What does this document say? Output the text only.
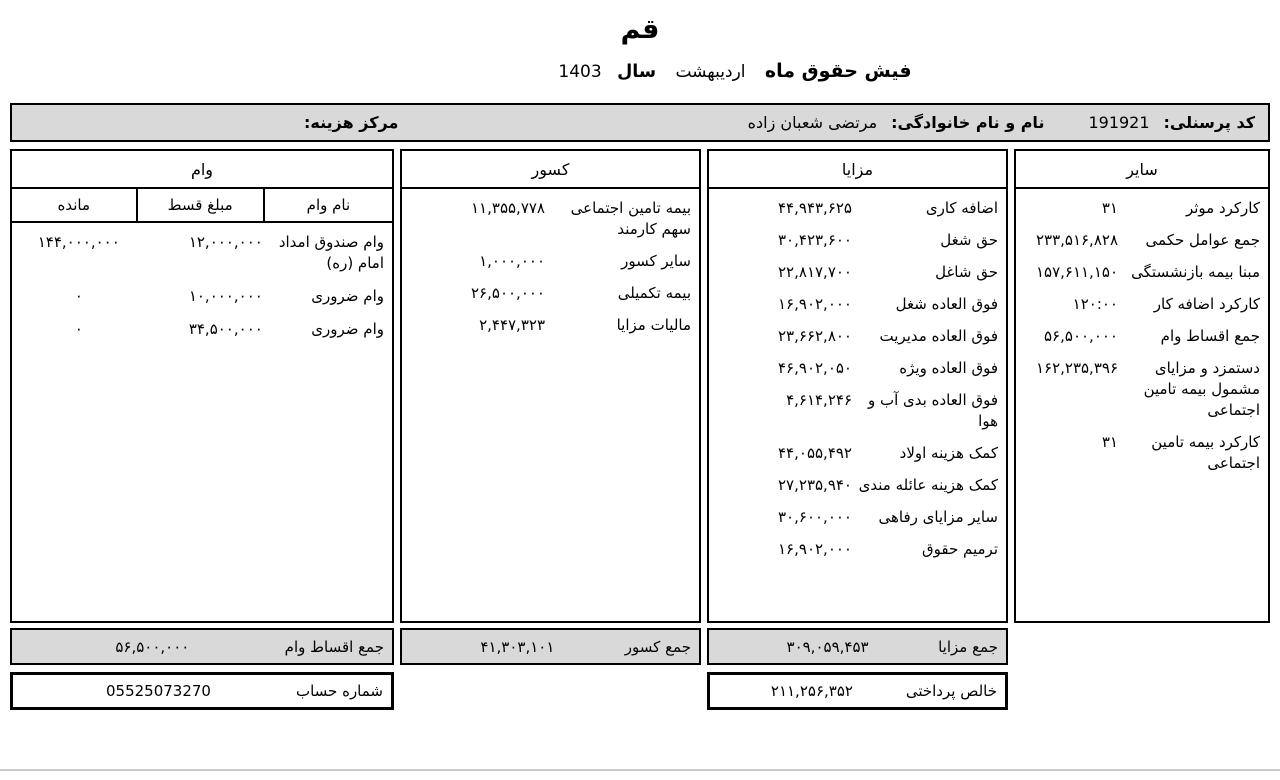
قم
فیش حقوق ماه اردیبهشت سال 1403
کد پرسنلی:
191921
نام و نام خانوادگی:
مرتضی شعبان زاده
مرکز هزینه:
سایر
کارکرد موثر
۳۱
جمع عوامل حکمی
۲۳۳,۵۱۶,​۸۲۸
مبنا بیمه بازنشستگی
۱۵۷,۶۱۱,​۱۵۰
کارکرد اضافه کار
۱۲۰:۰۰
جمع اقساط وام
۵۶,۵۰۰,۰۰۰
دستمزد و مزایای مشمول بیمه تامین اجتماعی
۱۶۲,۲۳۵,​۳۹۶
کارکرد بیمه تامین اجتماعی
۳۱
مزایا
اضافه کاری
۴۴,۹۴۳,۶۲۵
حق شغل
۳۰,۴۲۳,۶۰۰
حق شاغل
۲۲,۸۱۷,۷۰۰
فوق العاده شغل
۱۶,۹۰۲,۰۰۰
فوق العاده مدیریت
۲۳,۶۶۲,۸۰۰
فوق العاده ویژه
۴۶,۹۰۲,۰۵۰
فوق العاده بدی آب و هوا
۴,۶۱۴,۲۴۶
کمک هزینه اولاد
۴۴,۰۵۵,۴۹۲
کمک هزینه عائله مندی
۲۷,۲۳۵,۹۴۰
سایر مزایای رفاهی
۳۰,۶۰۰,۰۰۰
ترمیم حقوق
۱۶,۹۰۲,۰۰۰
کسور
بیمه تامین اجتماعی سهم کارمند
۱۱,۳۵۵,۷۷۸
سایر کسور
۱,۰۰۰,۰۰۰
بیمه تکمیلی
۲۶,۵۰۰,۰۰۰
مالیات مزایا
۲,۴۴۷,۳۲۳
وام
نام وام
مبلغ قسط
مانده
وام صندوق امداد امام (ره)
۱۲,۰۰۰,۰۰۰
۱۴۴,۰۰۰,۰۰۰
وام ضروری
۱۰,۰۰۰,۰۰۰
۰
وام ضروری
۳۴,۵۰۰,۰۰۰
۰
جمع مزایا
۳۰۹,۰۵۹,۴۵۳
جمع کسور
۴۱,۳۰۳,۱۰۱
جمع اقساط وام
۵۶,۵۰۰,۰۰۰
خالص پرداختی
۲۱۱,۲۵۶,۳۵۲
شماره حساب
05525073270
